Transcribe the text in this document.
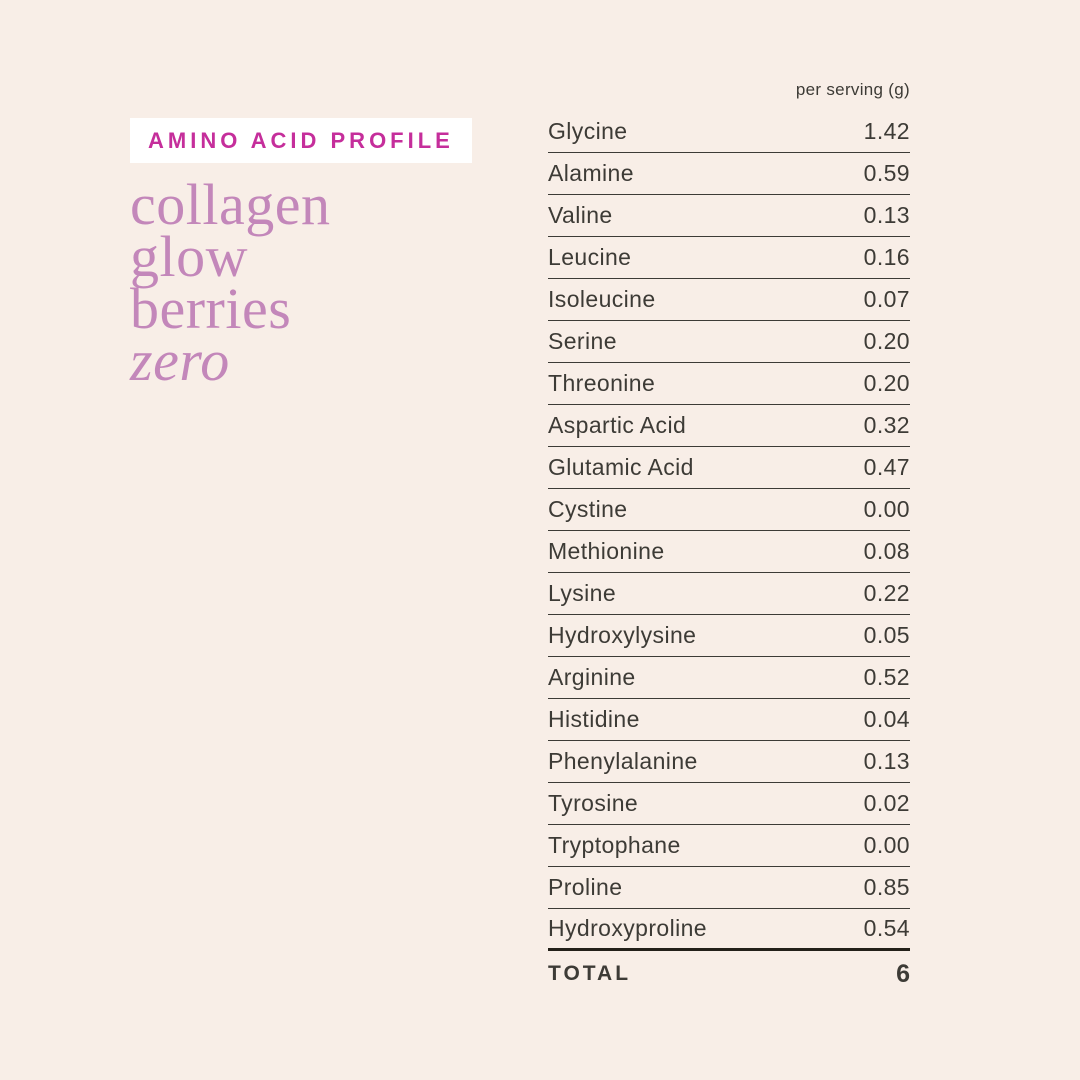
AMINO ACID PROFILE
collagen
glow
berries
zero
per serving (g)
Glycine	1.42
Alamine	0.59
Valine	0.13
Leucine	0.16
Isoleucine	0.07
Serine	0.20
Threonine	0.20
Aspartic Acid	0.32
Glutamic Acid	0.47
Cystine	0.00
Methionine	0.08
Lysine	0.22
Hydroxylysine	0.05
Arginine	0.52
Histidine	0.04
Phenylalanine	0.13
Tyrosine	0.02
Tryptophane	0.00
Proline	0.85
Hydroxyproline	0.54
TOTAL	6
